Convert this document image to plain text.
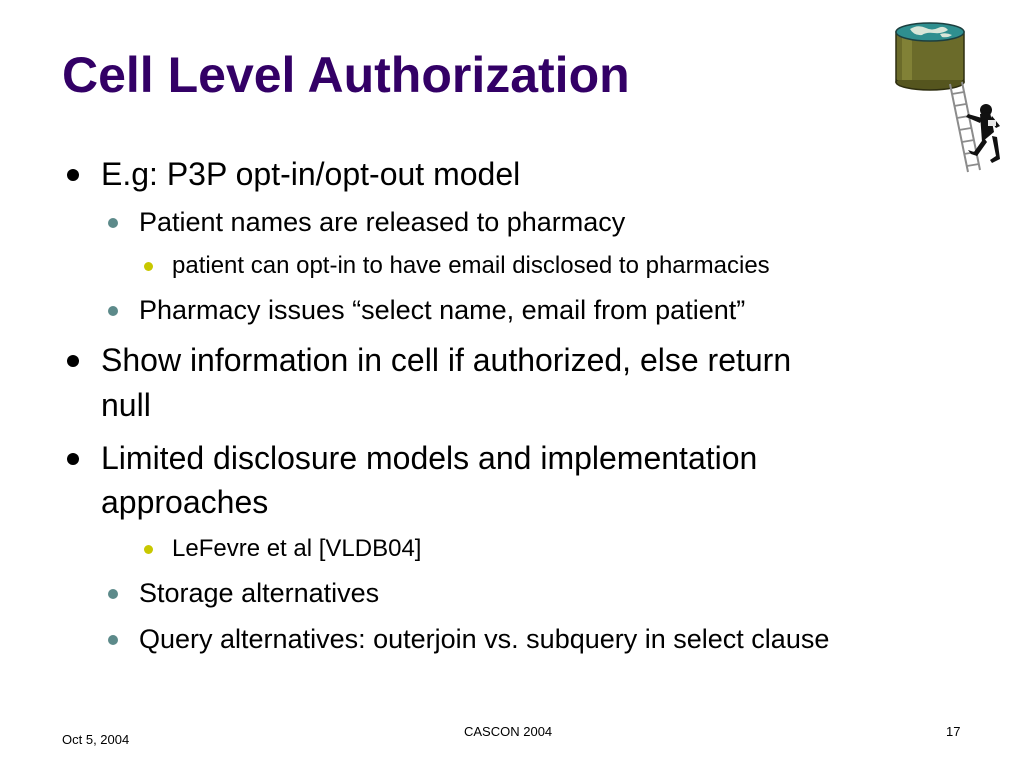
Cell Level Authorization
E.g: P3P opt-in/opt-out model
Patient names are released to pharmacy
patient can opt-in to have email disclosed to pharmacies
Pharmacy issues “select name, email from patient”
Show information in cell if authorized, else return
null
Limited disclosure models and implementation
approaches
LeFevre et al [VLDB04]
Storage alternatives
Query alternatives: outerjoin vs. subquery in select clause
Oct 5, 2004
CASCON 2004	17
